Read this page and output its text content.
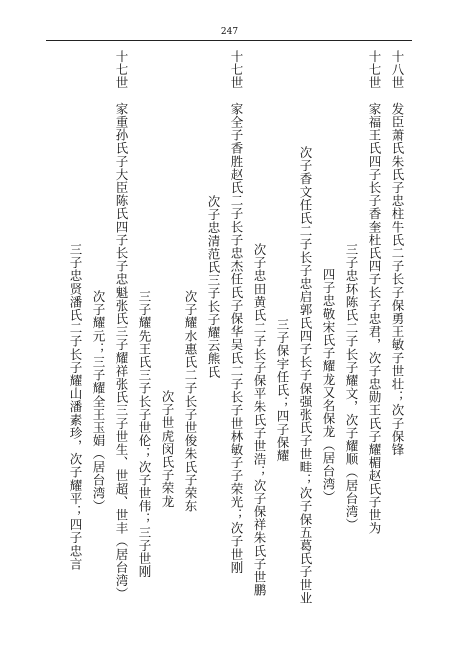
247
十八世　发臣萧氏朱氏子忠柱牛氏二子长子保勇王敏子世壮；次子保锋
十七世　家福王氏四子长子香奎杜氏四子长子忠君，次子忠勋王氏子耀楣赵氏子世为
三子忠环陈氏二子长子耀文，次子耀顺（居台湾）
四子忠敬宋氏子耀龙又名保龙（居台湾）
次子香文任氏二子长子忠启郭氏四子长子保强张氏子世畦；次子保五葛氏子世业
三子保宇任氏；四子保耀
次子忠田黄氏二子长子保平朱氏子世浩；次子保祥朱氏子世鹏
十七世　家全子香胜赵氏二子长子忠杰任氏子保华吴氏二子长子世林敏子子荣光；次子世刚
次子忠清范氏三子长子耀云熊氏
次子耀水惠氏二子长子世俊朱氏子荣东
次子世虎闵氏子荣龙
三子耀先王氏三子长子世伦；次子世伟；三子世刚
十七世　家重孙氏子大臣陈氏四子长子忠魁张氏三子耀祥张氏三子世生、世超、世丰（居台湾）
次子耀元；三子耀全王玉娟（居台湾）
三子忠贤潘氏二子长子耀山潘素珍，次子耀平；四子忠言
